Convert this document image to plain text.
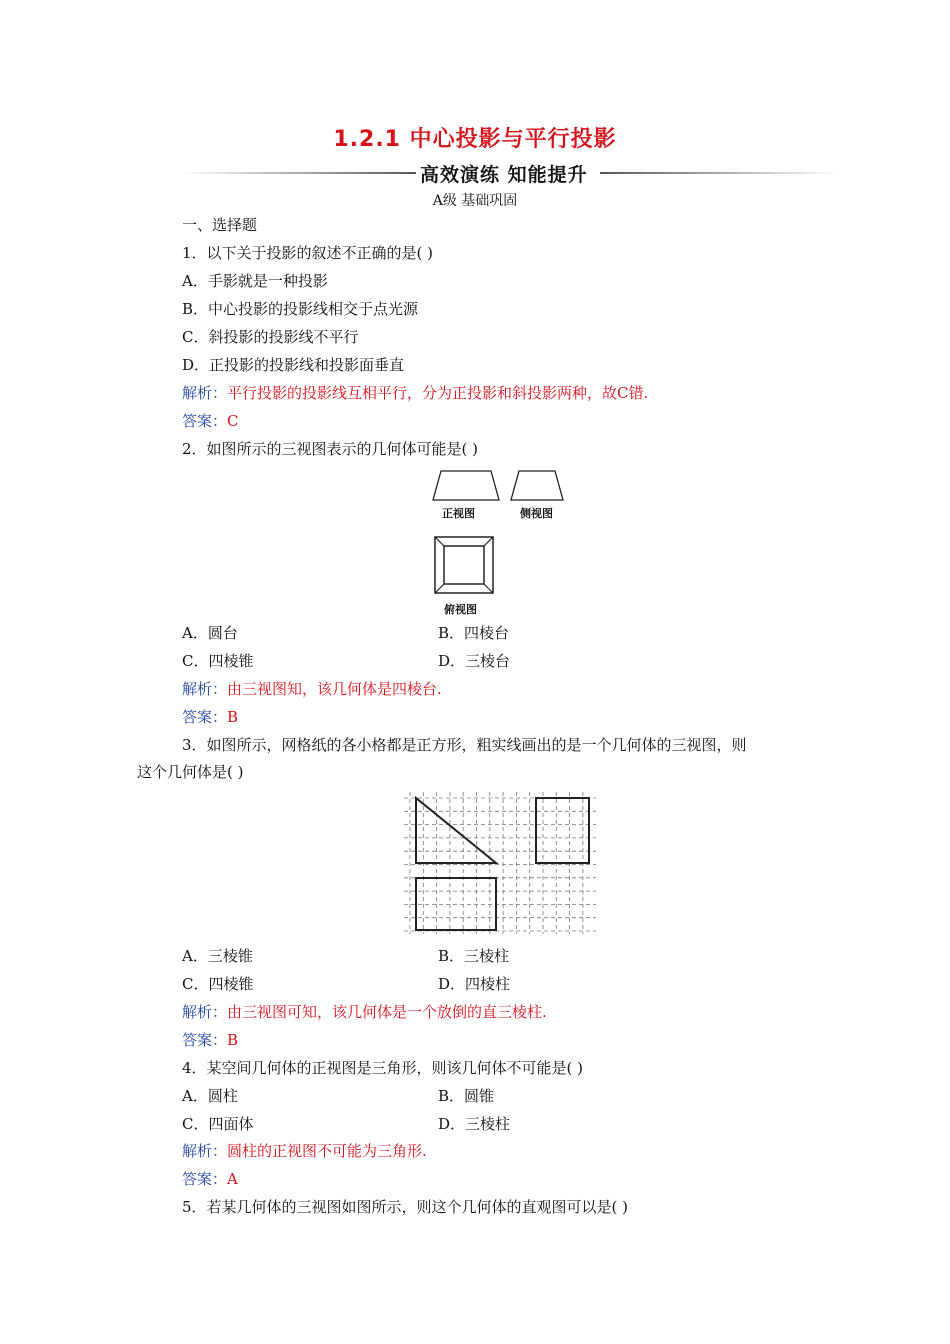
1.2.1 中心投影与平行投影
高效演练 知能提升
A级 基础巩固
一、选择题
1．以下关于投影的叙述不正确的是( )
A．手影就是一种投影
B．中心投影的投影线相交于点光源
C．斜投影的投影线不平行
D．正投影的投影线和投影面垂直
解析：平行投影的投影线互相平行，分为正投影和斜投影两种，故C错.
答案：C
2．如图所示的三视图表示的几何体可能是( )
正视图	侧视图
俯视图
A．圆台	B．四棱台
C．四棱锥	D．三棱台
解析：由三视图知，该几何体是四棱台.
答案：B
3．如图所示，网格纸的各小格都是正方形，粗实线画出的是一个几何体的三视图，则
这个几何体是( )
A．三棱锥	B．三棱柱
C．四棱锥	D．四棱柱
解析：由三视图可知，该几何体是一个放倒的直三棱柱.
答案：B
4．某空间几何体的正视图是三角形，则该几何体不可能是( )
A．圆柱	B．圆锥
C．四面体	D．三棱柱
解析：圆柱的正视图不可能为三角形.
答案：A
5．若某几何体的三视图如图所示，则这个几何体的直观图可以是( )
